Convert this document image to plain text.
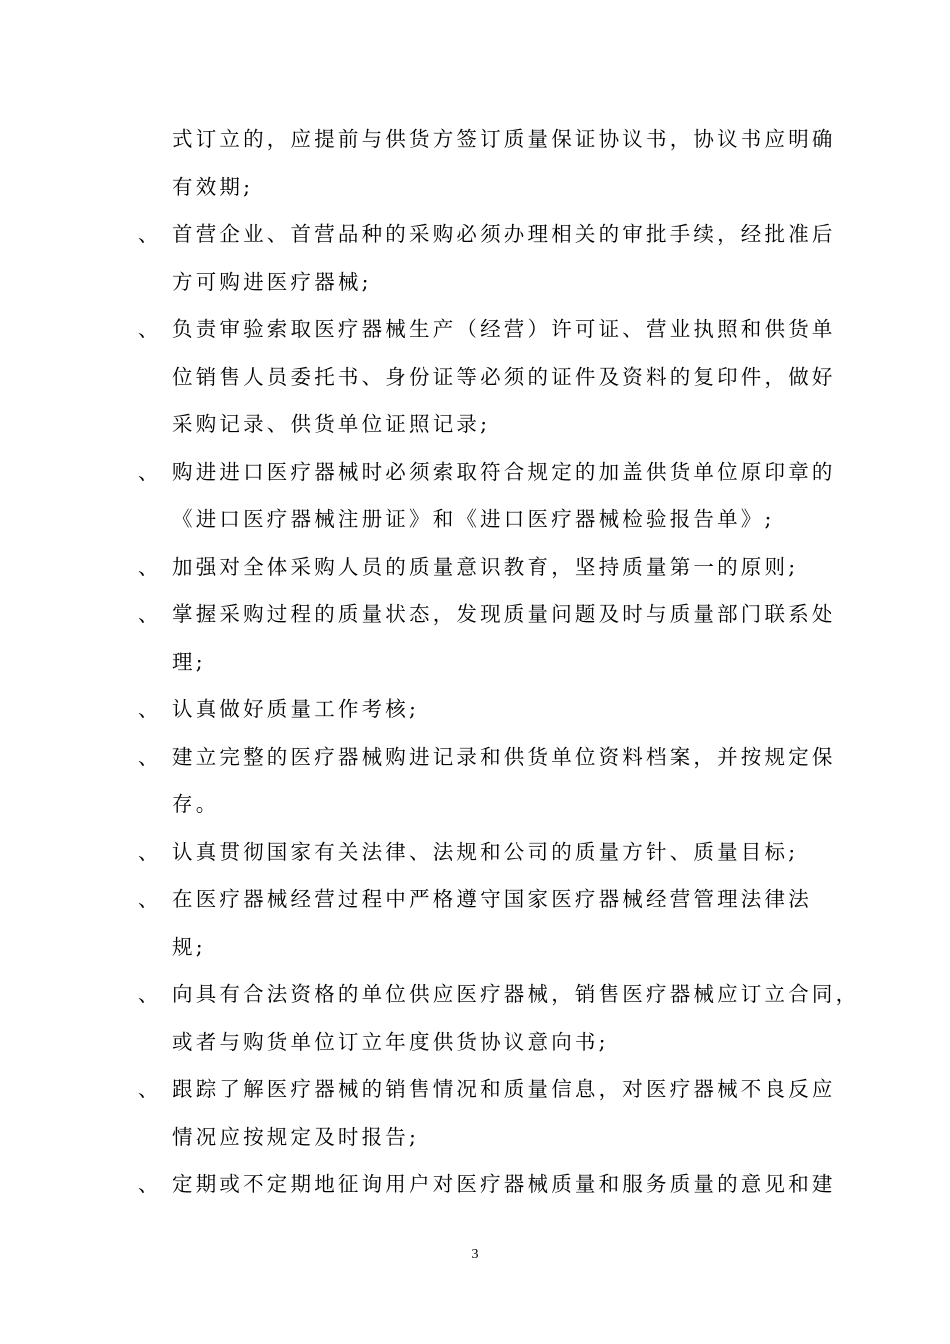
式订立的，应提前与供货方签订质量保证协议书，协议书应明确
有效期;
、 首营企业、首营品种的采购必须办理相关的审批手续，经批准后
方可购进医疗器械;
、 负责审验索取医疗器械生产（经营）许可证、营业执照和供货单
位销售人员委托书、身份证等必须的证件及资料的复印件，做好
采购记录、供货单位证照记录;
、 购进进口医疗器械时必须索取符合规定的加盖供货单位原印章的
《进口医疗器械注册证》和《进口医疗器械检验报告单》;
、 加强对全体采购人员的质量意识教育，坚持质量第一的原则;
、 掌握采购过程的质量状态，发现质量问题及时与质量部门联系处
理;
、 认真做好质量工作考核;
、 建立完整的医疗器械购进记录和供货单位资料档案，并按规定保
存。
、 认真贯彻国家有关法律、法规和公司的质量方针、质量目标;
、 在医疗器械经营过程中严格遵守国家医疗器械经营管理法律法
规;
、 向具有合法资格的单位供应医疗器械，销售医疗器械应订立合同，
或者与购货单位订立年度供货协议意向书;
、 跟踪了解医疗器械的销售情况和质量信息，对医疗器械不良反应
情况应按规定及时报告;
、 定期或不定期地征询用户对医疗器械质量和服务质量的意见和建
3
